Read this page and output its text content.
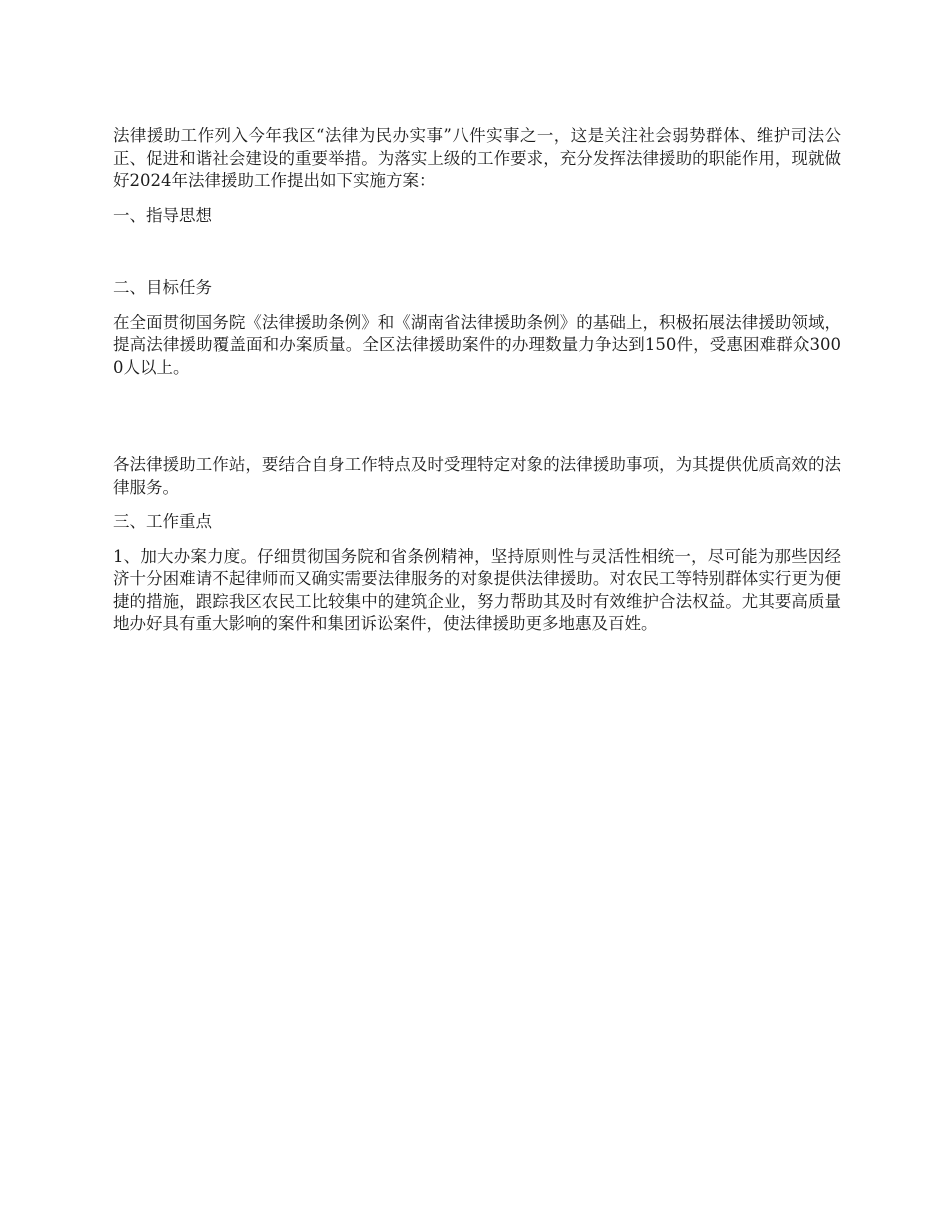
法律援助工作列入今年我区“法律为民办实事”八件实事之一，这是关注社会弱势群体、维护司法公正、促进和谐社会建设的重要举措。为落实上级的工作要求，充分发挥法律援助的职能作用，现就做好2024年法律援助工作提出如下实施方案：

一、指导思想

二、目标任务

在全面贯彻国务院《法律援助条例》和《湖南省法律援助条例》的基础上，积极拓展法律援助领域，提高法律援助覆盖面和办案质量。全区法律援助案件的办理数量力争达到150件，受惠困难群众3000人以上。

各法律援助工作站，要结合自身工作特点及时受理特定对象的法律援助事项，为其提供优质高效的法律服务。

三、工作重点

1、加大办案力度。仔细贯彻国务院和省条例精神，坚持原则性与灵活性相统一，尽可能为那些因经济十分困难请不起律师而又确实需要法律服务的对象提供法律援助。对农民工等特别群体实行更为便捷的措施，跟踪我区农民工比较集中的建筑企业，努力帮助其及时有效维护合法权益。尤其要高质量地办好具有重大影响的案件和集团诉讼案件，使法律援助更多地惠及百姓。
